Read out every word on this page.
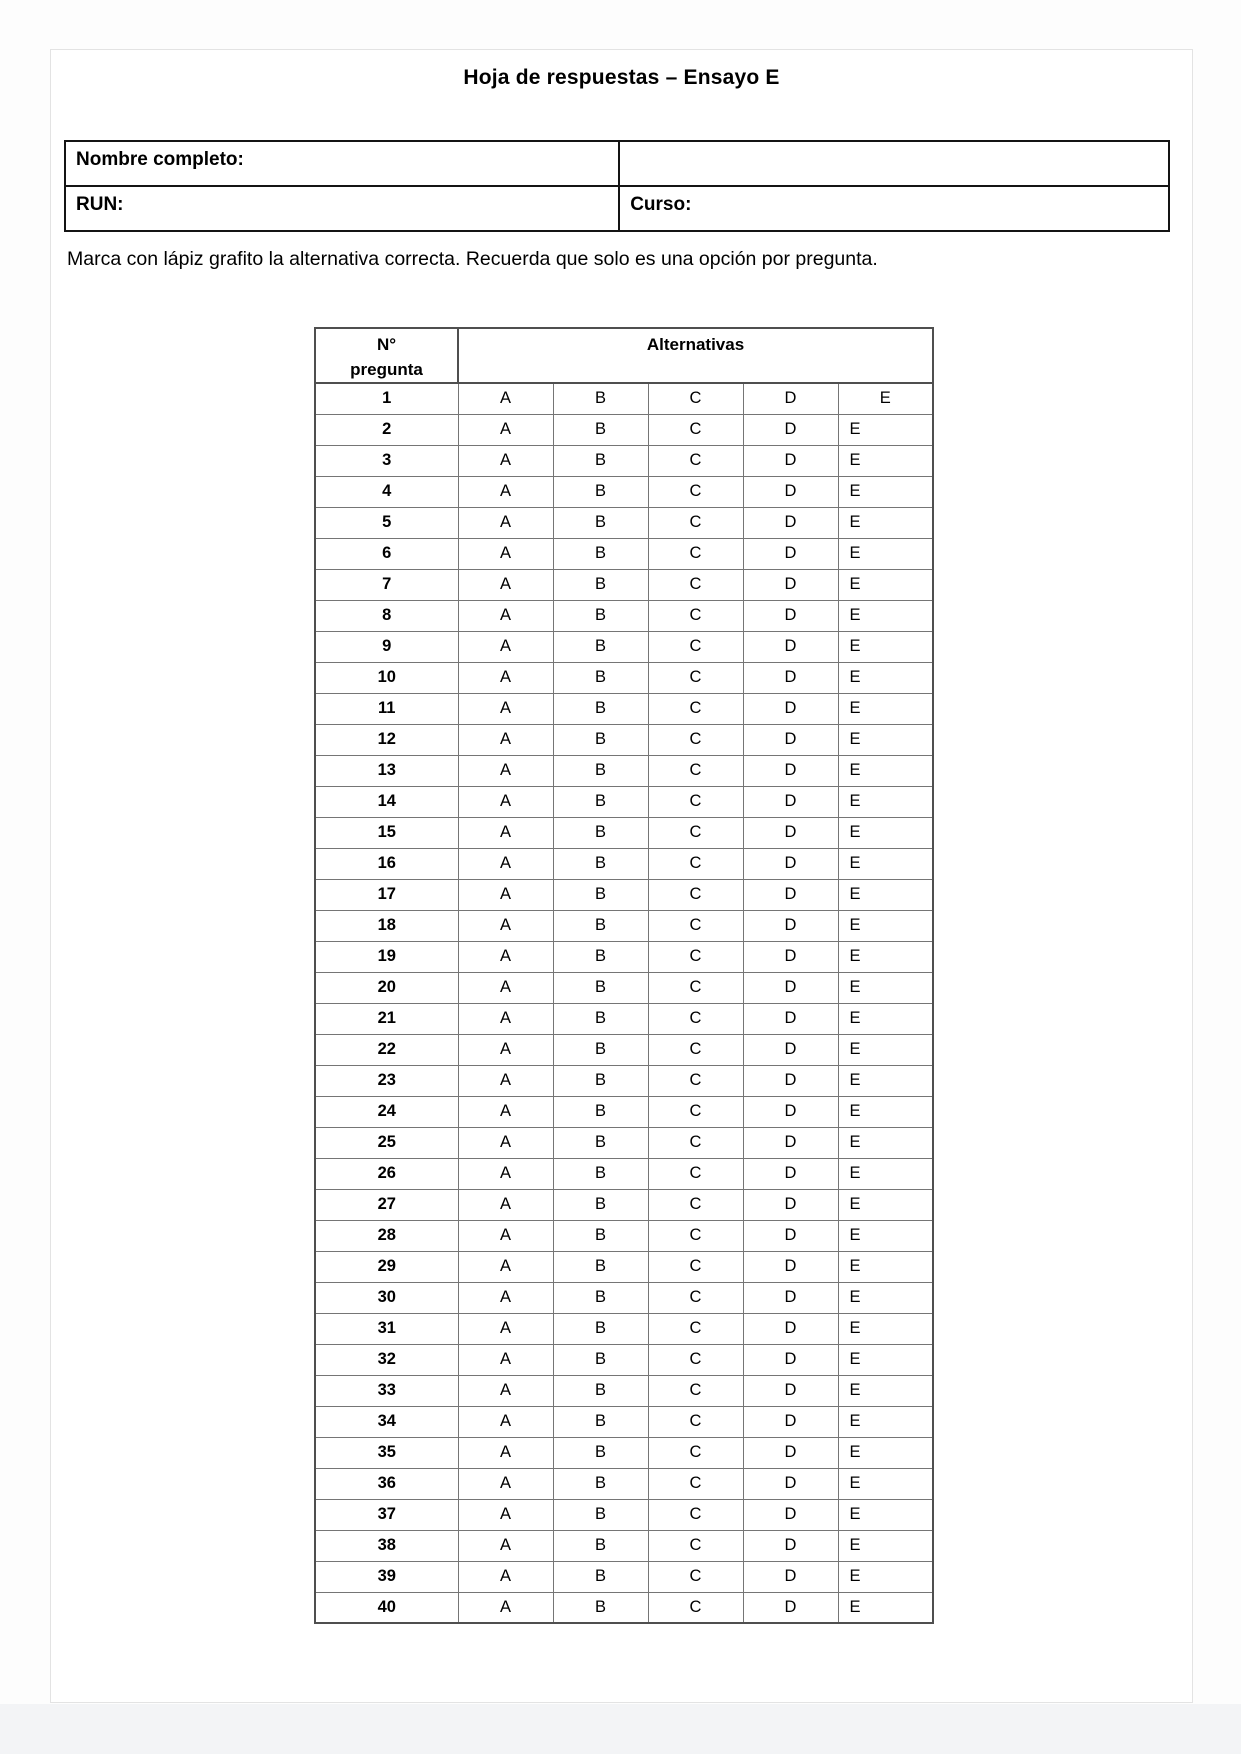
Hoja de respuestas – Ensayo E
Nombre completo:	
RUN:	Curso:
Marca con lápiz grafito la alternativa correcta. Recuerda que solo es una opción por pregunta.
N°
pregunta	Alternativas				
1	A	B	C	D	E
2	A	B	C	D	E
3	A	B	C	D	E
4	A	B	C	D	E
5	A	B	C	D	E
6	A	B	C	D	E
7	A	B	C	D	E
8	A	B	C	D	E
9	A	B	C	D	E
10	A	B	C	D	E
11	A	B	C	D	E
12	A	B	C	D	E
13	A	B	C	D	E
14	A	B	C	D	E
15	A	B	C	D	E
16	A	B	C	D	E
17	A	B	C	D	E
18	A	B	C	D	E
19	A	B	C	D	E
20	A	B	C	D	E
21	A	B	C	D	E
22	A	B	C	D	E
23	A	B	C	D	E
24	A	B	C	D	E
25	A	B	C	D	E
26	A	B	C	D	E
27	A	B	C	D	E
28	A	B	C	D	E
29	A	B	C	D	E
30	A	B	C	D	E
31	A	B	C	D	E
32	A	B	C	D	E
33	A	B	C	D	E
34	A	B	C	D	E
35	A	B	C	D	E
36	A	B	C	D	E
37	A	B	C	D	E
38	A	B	C	D	E
39	A	B	C	D	E
40	A	B	C	D	E
